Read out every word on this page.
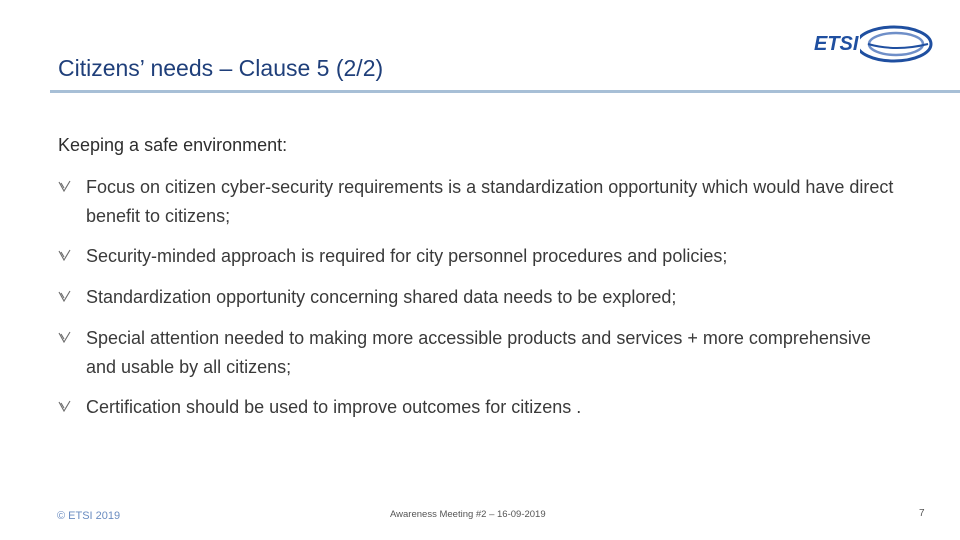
Citizens’ needs – Clause 5 (2/2)
ETSI
Keeping a safe environment:
Focus on citizen cyber-security requirements is a standardization opportunity which would have direct benefit to citizens;
Security-minded approach is required for city personnel procedures and policies;
Standardization opportunity concerning shared data needs to be explored;
Special attention needed to making more accessible products and services + more comprehensive and usable by all citizens;
Certification should be used to improve outcomes for citizens .
© ETSI 2019	Awareness Meeting #2 – 16-09-2019	7
